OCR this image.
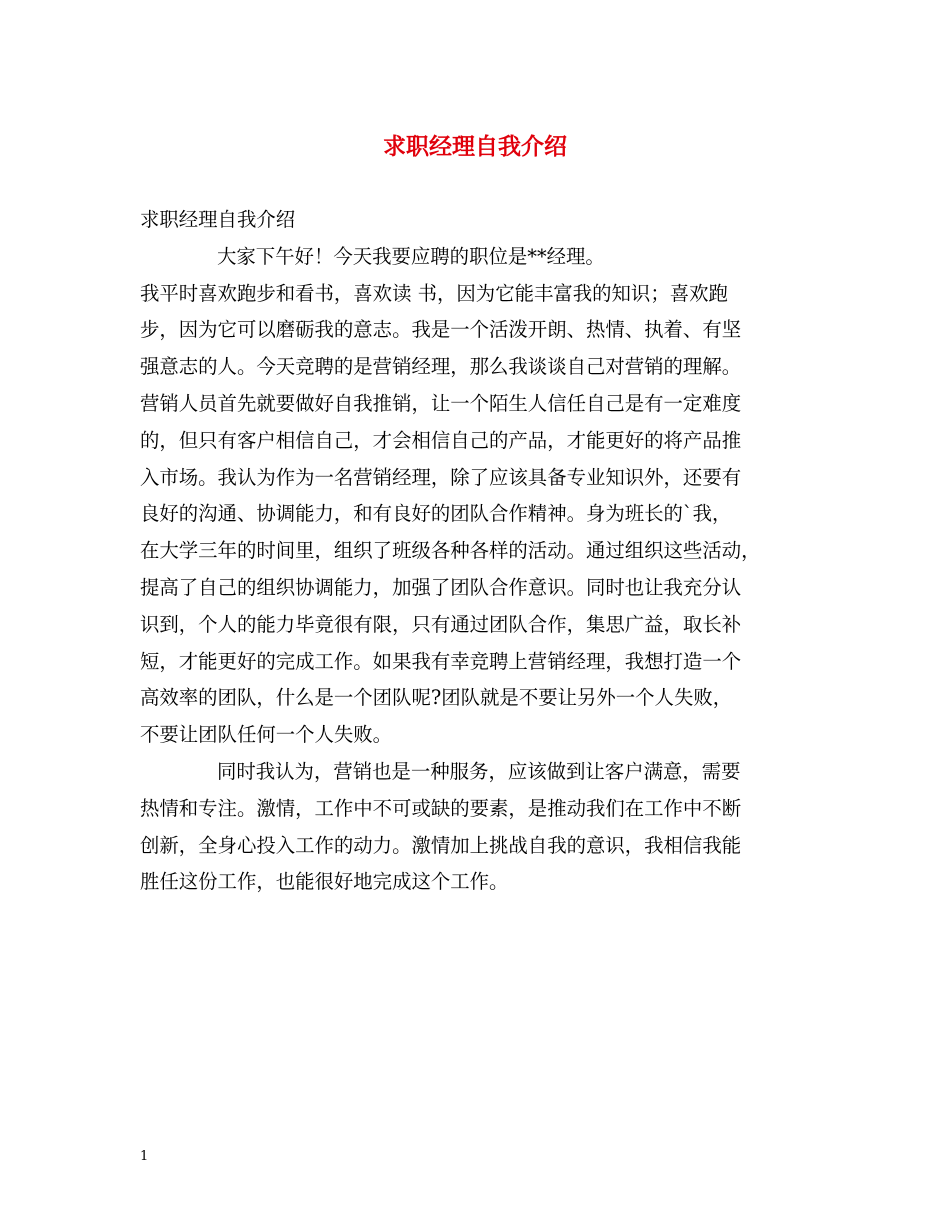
求职经理自我介绍

求职经理自我介绍

大家下午好！今天我要应聘的职位是**经理。

我平时喜欢跑步和看书，喜欢读 书，因为它能丰富我的知识；喜欢跑

步，因为它可以磨砺我的意志。我是一个活泼开朗、热情、执着、有坚

强意志的人。今天竞聘的是营销经理，那么我谈谈自己对营销的理解。

营销人员首先就要做好自我推销，让一个陌生人信任自己是有一定难度

的，但只有客户相信自己，才会相信自己的产品，才能更好的将产品推

入市场。我认为作为一名营销经理，除了应该具备专业知识外，还要有

良好的沟通、协调能力，和有良好的团队合作精神。身为班长的`我，

在大学三年的时间里，组织了班级各种各样的活动。通过组织这些活动，

提高了自己的组织协调能力，加强了团队合作意识。同时也让我充分认

识到，个人的能力毕竟很有限，只有通过团队合作，集思广益，取长补

短，才能更好的完成工作。如果我有幸竞聘上营销经理，我想打造一个

高效率的团队，什么是一个团队呢?团队就是不要让另外一个人失败，

不要让团队任何一个人失败。

同时我认为，营销也是一种服务，应该做到让客户满意，需要

热情和专注。激情，工作中不可或缺的要素，是推动我们在工作中不断

创新，全身心投入工作的动力。激情加上挑战自我的意识，我相信我能

胜任这份工作，也能很好地完成这个工作。

1
